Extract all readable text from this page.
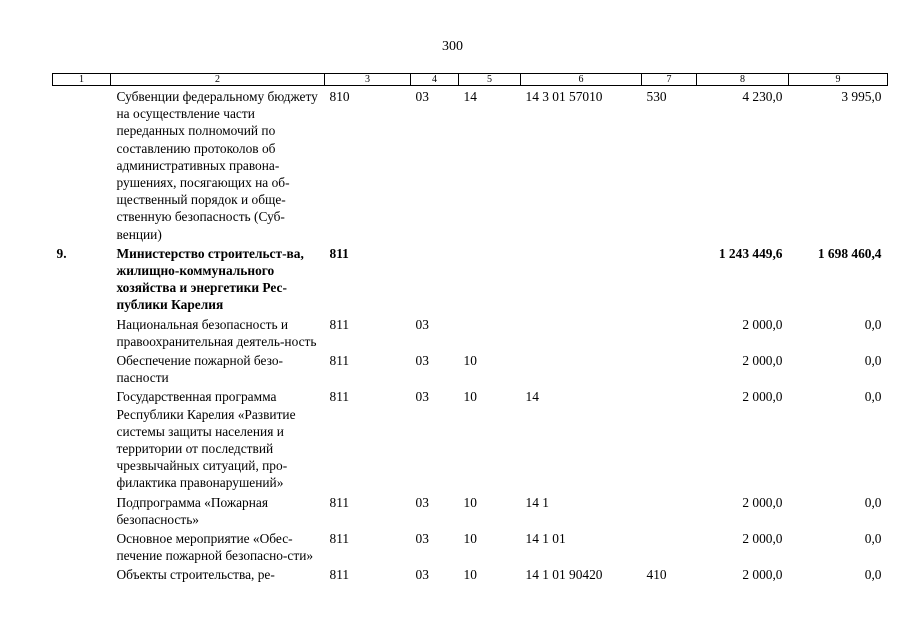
300
1	2	3	4	5	6	7	8	9
	Субвенции федеральному бюджету на осуществление части переданных полномочий по составлению протоколов об административных правона-рушениях, посягающих на об-щественный порядок и обще-ственную безопасность (Суб-венции)	810	03	14	14 3 01 57010	530	4 230,0	3 995,0
9.	Министерство строительст-ва, жилищно-коммунального хозяйства и энергетики Рес-публики Карелия	811					1 243 449,6	1 698 460,4
	Национальная безопасность и правоохранительная деятель-ность	811	03				2 000,0	0,0
	Обеспечение пожарной безо-пасности	811	03	10			2 000,0	0,0
	Государственная программа Республики Карелия «Развитие системы защиты населения и территории от последствий чрезвычайных ситуаций, про-филактика правонарушений»	811	03	10	14		2 000,0	0,0
	Подпрограмма «Пожарная безопасность»	811	03	10	14 1		2 000,0	0,0
	Основное мероприятие «Обес-печение пожарной безопасно-сти»	811	03	10	14 1 01		2 000,0	0,0
	Объекты строительства, ре-	811	03	10	14 1 01 90420	410	2 000,0	0,0
